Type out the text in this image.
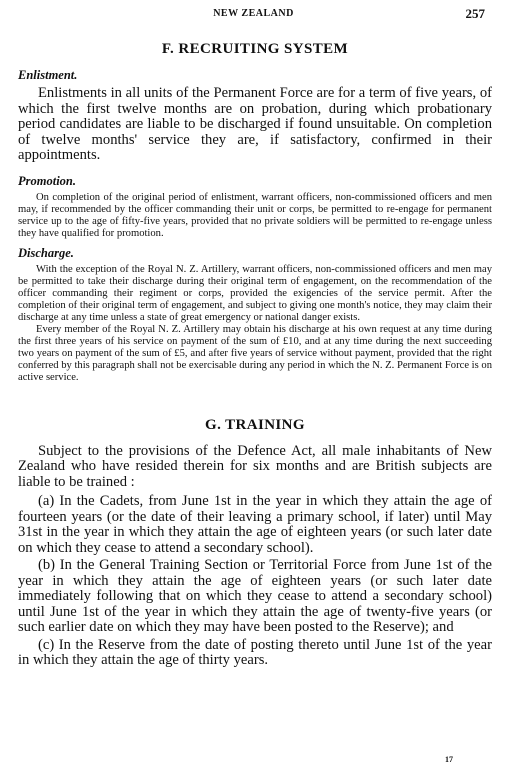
NEW ZEALAND	257
F. RECRUITING SYSTEM
Enlistment.

Enlistments in all units of the Permanent Force are for a term of five years, of which the first twelve months are on probation, during which probationary period candidates are liable to be discharged if found unsuitable. On completion of twelve months' service they are, if satisfactory, confirmed in their appointments.

Promotion.

On completion of the original period of enlistment, warrant officers, non-commissioned officers and men may, if recommended by the officer commanding their unit or corps, be permitted to re-engage for permanent service up to the age of fifty-five years, provided that no private soldiers will be permitted to re-engage unless they have qualified for promotion.

Discharge.

With the exception of the Royal N. Z. Artillery, warrant officers, non-commissioned officers and men may be permitted to take their discharge during their original term of engagement, on the recommendation of the officer commanding their regiment or corps, provided the exigencies of the service permit. After the completion of their original term of engagement, and subject to giving one month's notice, they may claim their discharge at any time unless a state of great emergency or national danger exists.

Every member of the Royal N. Z. Artillery may obtain his discharge at his own request at any time during the first three years of his service on payment of the sum of £10, and at any time during the next succeeding two years on payment of the sum of £5, and after five years of service without payment, provided that the right conferred by this paragraph shall not be exercisable during any period in which the N. Z. Permanent Force is on active service.

G. TRAINING

Subject to the provisions of the Defence Act, all male inhabitants of New Zealand who have resided therein for six months and are British subjects are liable to be trained :

(a) In the Cadets, from June 1st in the year in which they attain the age of fourteen years (or the date of their leaving a primary school, if later) until May 31st in the year in which they attain the age of eighteen years (or such later date on which they cease to attend a secondary school).

(b) In the General Training Section or Territorial Force from June 1st of the year in which they attain the age of eighteen years (or such later date immediately following that on which they cease to attend a secondary school) until June 1st of the year in which they attain the age of twenty-five years (or such earlier date on which they may have been posted to the Reserve); and

(c) In the Reserve from the date of posting thereto until June 1st of the year in which they attain the age of thirty years.

17
